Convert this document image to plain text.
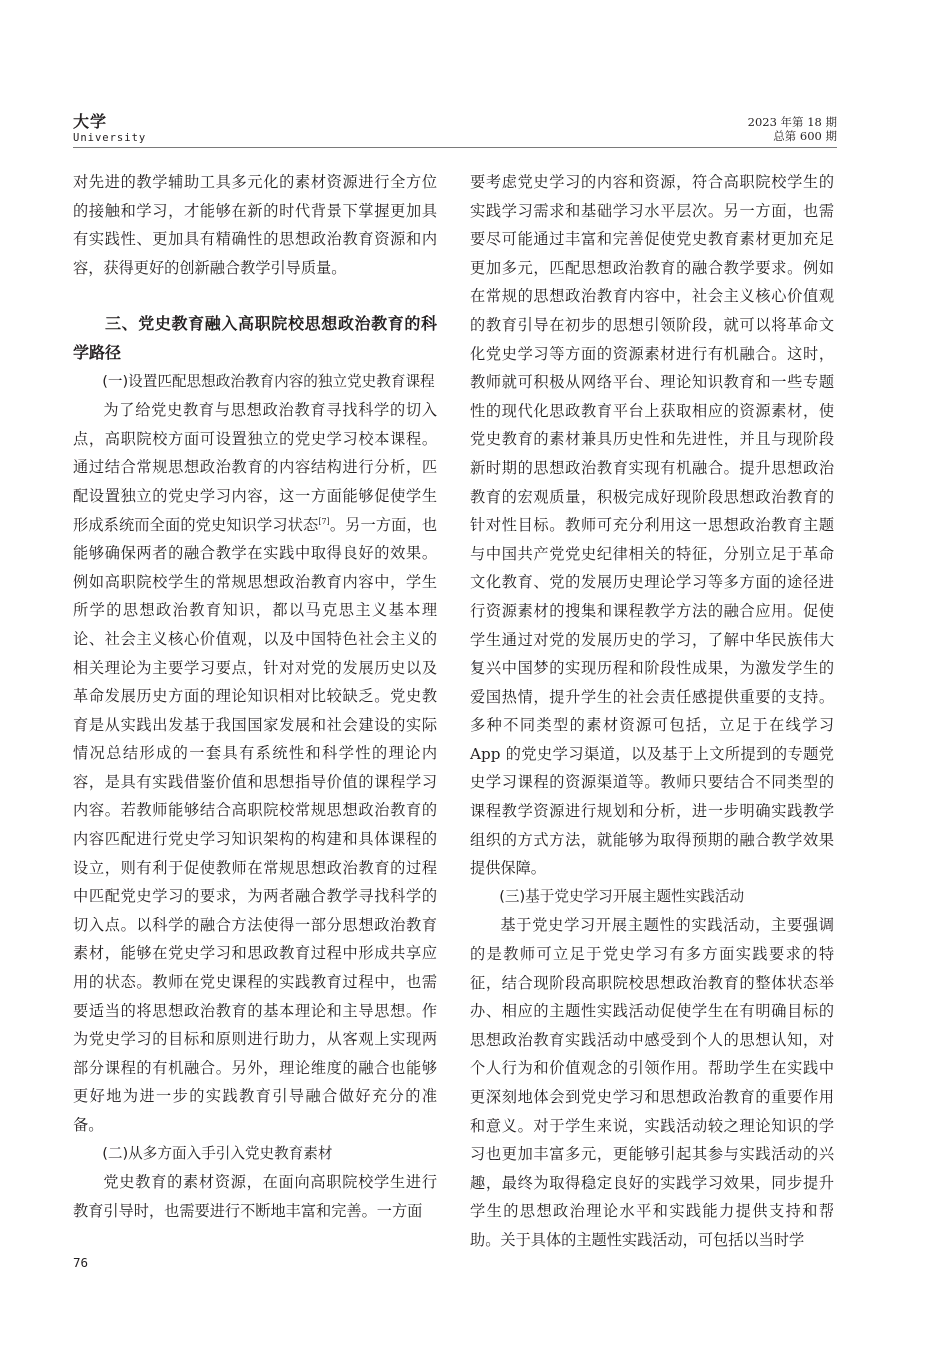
大学
University
2023 年第 18 期
总第 600 期

对先进的教学辅助工具多元化的素材资源进行全方位的接触和学习，才能够在新的时代背景下掌握更加具有实践性、更加具有精确性的思想政治教育资源和内容，获得更好的创新融合教学引导质量。

三、党史教育融入高职院校思想政治教育的科学路径
(一)设置匹配思想政治教育内容的独立党史教育课程

为了给党史教育与思想政治教育寻找科学的切入点，高职院校方面可设置独立的党史学习校本课程。通过结合常规思想政治教育的内容结构进行分析，匹配设置独立的党史学习内容，这一方面能够促使学生形成系统而全面的党史知识学习状态[7]。另一方面，也能够确保两者的融合教学在实践中取得良好的效果。例如高职院校学生的常规思想政治教育内容中，学生所学的思想政治教育知识，都以马克思主义基本理论、社会主义核心价值观，以及中国特色社会主义的相关理论为主要学习要点，针对对党的发展历史以及革命发展历史方面的理论知识相对比较缺乏。党史教育是从实践出发基于我国国家发展和社会建设的实际情况总结形成的一套具有系统性和科学性的理论内容，是具有实践借鉴价值和思想指导价值的课程学习内容。若教师能够结合高职院校常规思想政治教育的内容匹配进行党史学习知识架构的构建和具体课程的设立，则有利于促使教师在常规思想政治教育的过程中匹配党史学习的要求，为两者融合教学寻找科学的切入点。以科学的融合方法使得一部分思想政治教育素材，能够在党史学习和思政教育过程中形成共享应用的状态。教师在党史课程的实践教育过程中，也需要适当的将思想政治教育的基本理论和主导思想。作为党史学习的目标和原则进行助力，从客观上实现两部分课程的有机融合。另外，理论维度的融合也能够更好地为进一步的实践教育引导融合做好充分的准备。

(二)从多方面入手引入党史教育素材

党史教育的素材资源，在面向高职院校学生进行教育引导时，也需要进行不断地丰富和完善。一方面

要考虑党史学习的内容和资源，符合高职院校学生的实践学习需求和基础学习水平层次。另一方面，也需要尽可能通过丰富和完善促使党史教育素材更加充足更加多元，匹配思想政治教育的融合教学要求。例如在常规的思想政治教育内容中，社会主义核心价值观的教育引导在初步的思想引领阶段，就可以将革命文化党史学习等方面的资源素材进行有机融合。这时，教师就可积极从网络平台、理论知识教育和一些专题性的现代化思政教育平台上获取相应的资源素材，使党史教育的素材兼具历史性和先进性，并且与现阶段新时期的思想政治教育实现有机融合。提升思想政治教育的宏观质量，积极完成好现阶段思想政治教育的针对性目标。教师可充分利用这一思想政治教育主题与中国共产党党史纪律相关的特征，分别立足于革命文化教育、党的发展历史理论学习等多方面的途径进行资源素材的搜集和课程教学方法的融合应用。促使学生通过对党的发展历史的学习，了解中华民族伟大复兴中国梦的实现历程和阶段性成果，为激发学生的爱国热情，提升学生的社会责任感提供重要的支持。多种不同类型的素材资源可包括，立足于在线学习 App 的党史学习渠道，以及基于上文所提到的专题党史学习课程的资源渠道等。教师只要结合不同类型的课程教学资源进行规划和分析，进一步明确实践教学组织的方式方法，就能够为取得预期的融合教学效果提供保障。

(三)基于党史学习开展主题性实践活动

基于党史学习开展主题性的实践活动，主要强调的是教师可立足于党史学习有多方面实践要求的特征，结合现阶段高职院校思想政治教育的整体状态举办、相应的主题性实践活动促使学生在有明确目标的思想政治教育实践活动中感受到个人的思想认知，对个人行为和价值观念的引领作用。帮助学生在实践中更深刻地体会到党史学习和思想政治教育的重要作用和意义。对于学生来说，实践活动较之理论知识的学习也更加丰富多元，更能够引起其参与实践活动的兴趣，最终为取得稳定良好的实践学习效果，同步提升学生的思想政治理论水平和实践能力提供支持和帮助。关于具体的主题性实践活动，可包括以当时学

76
